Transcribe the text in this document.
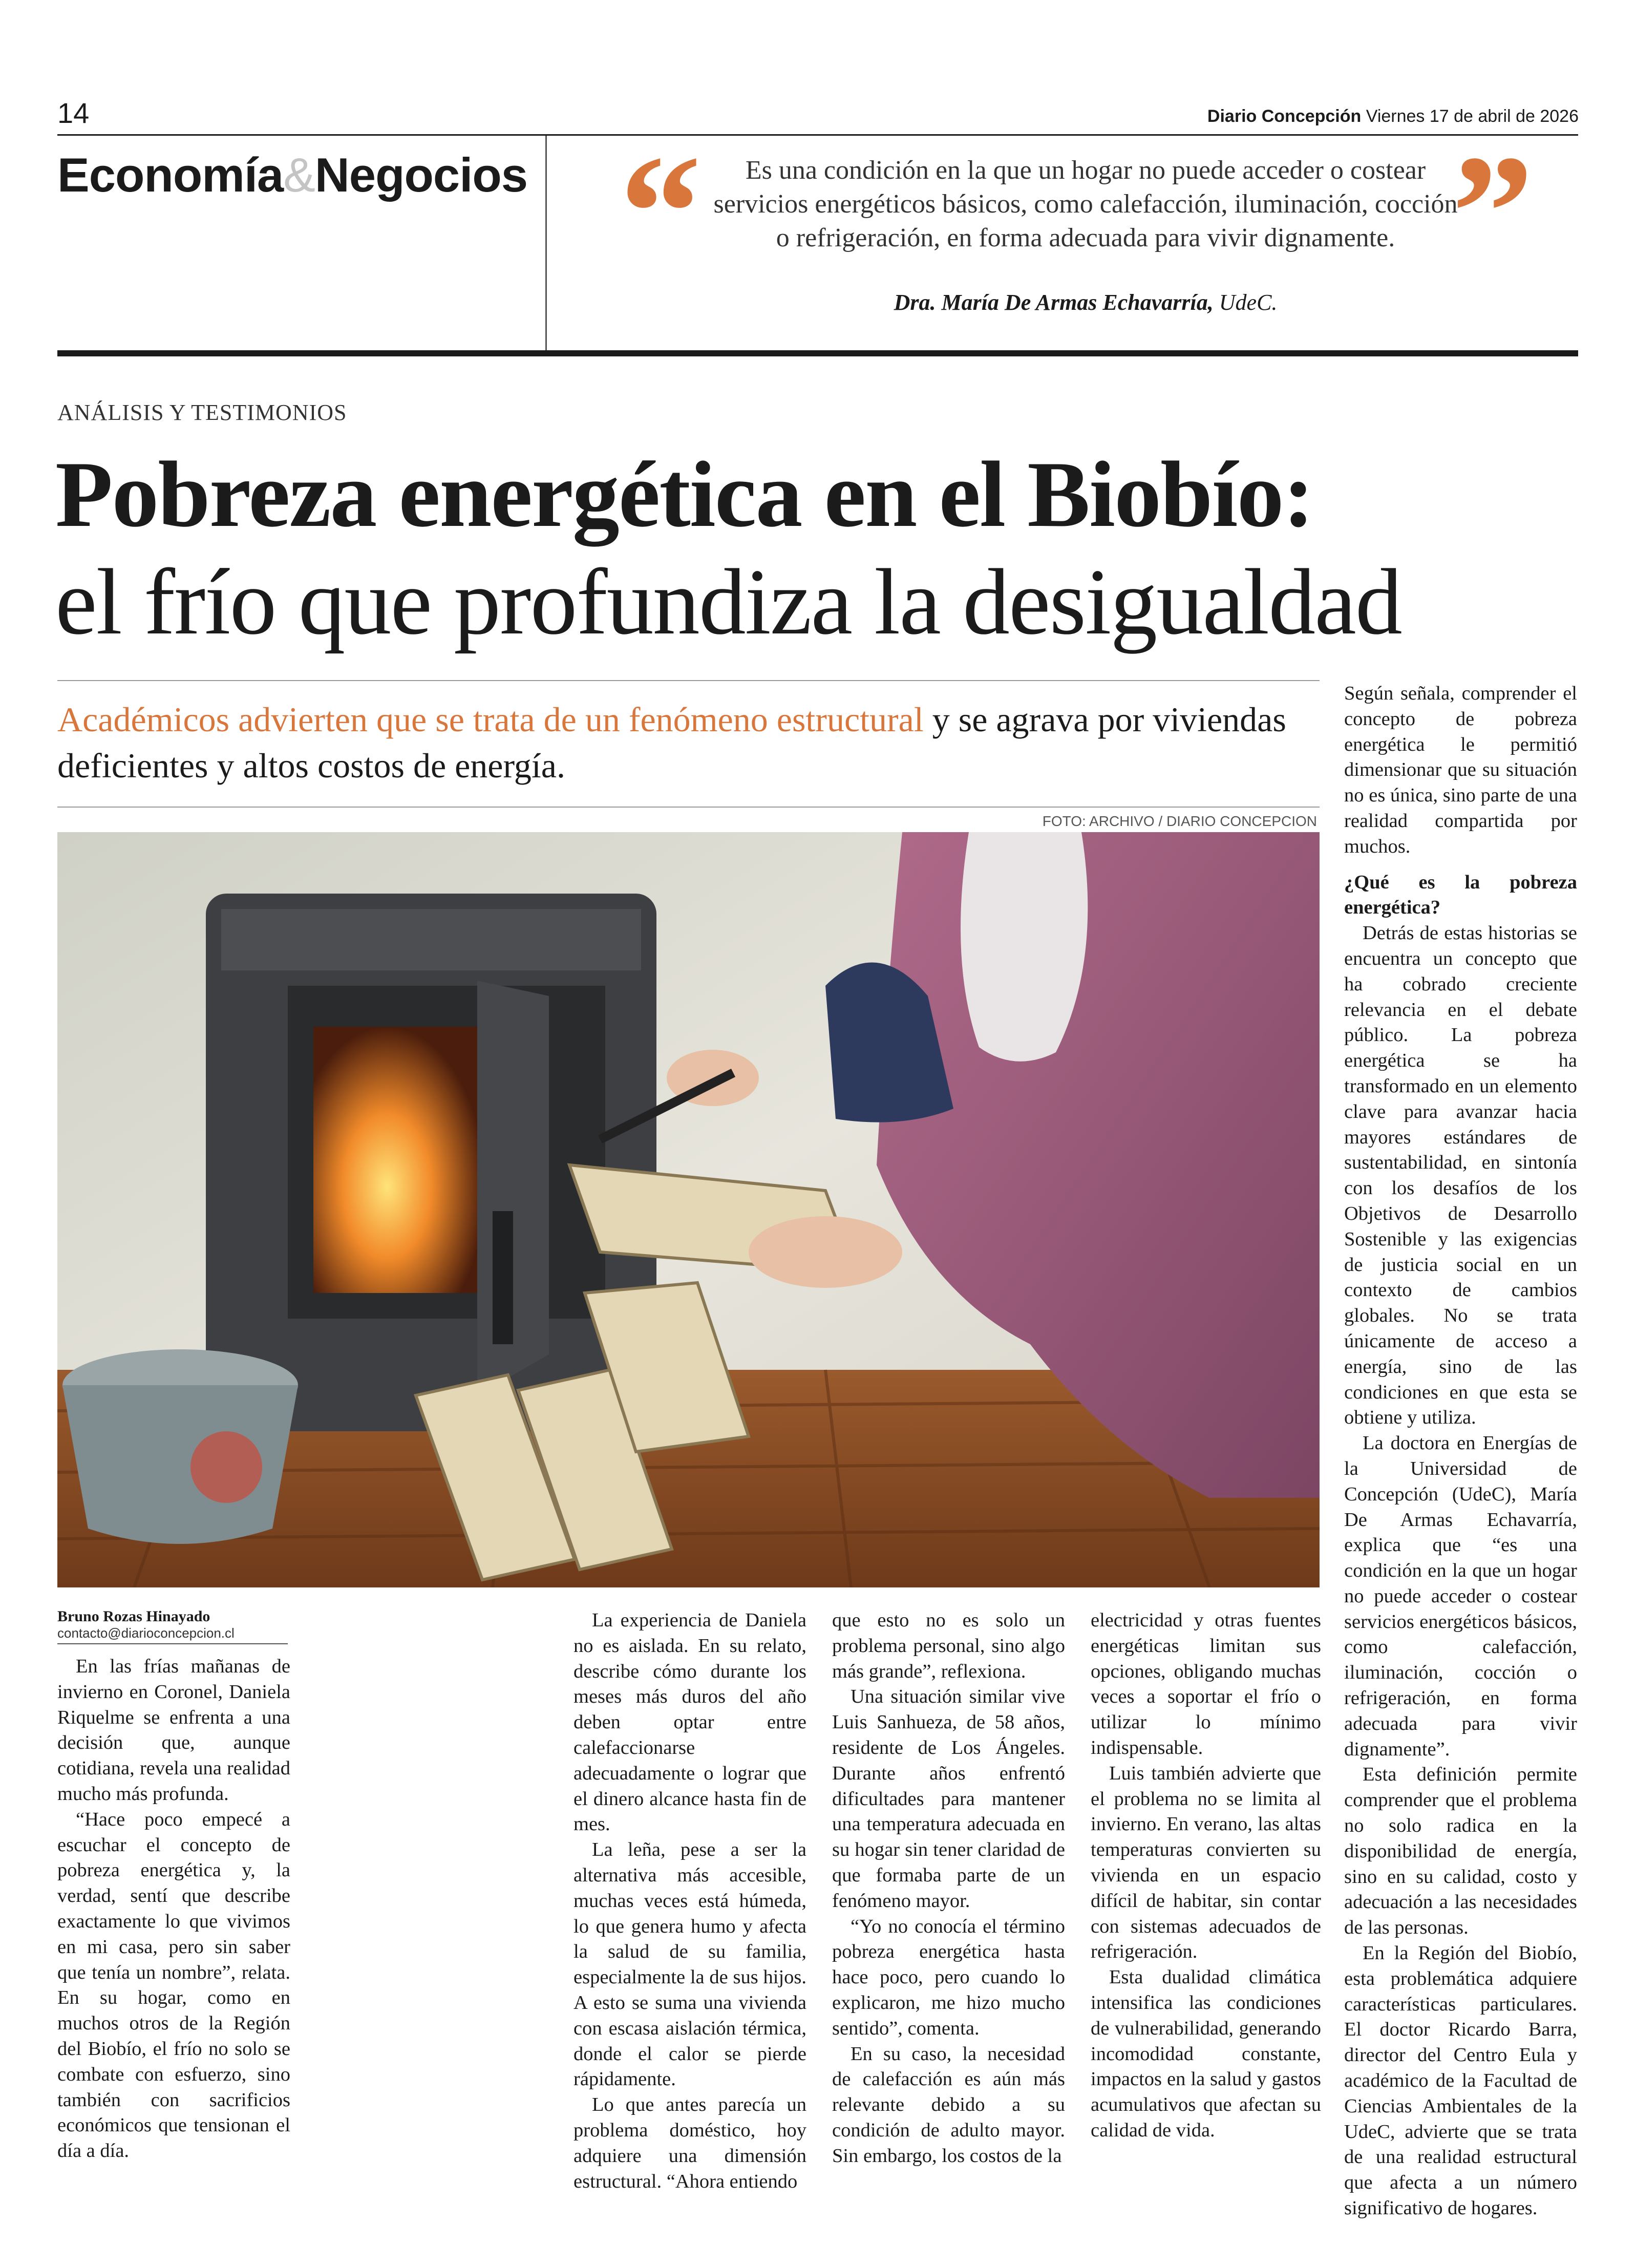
14	Diario Concepción Viernes 17 de abril de 2026
Economía&Negocios “	”
Es una condición en la que un hogar no puede acceder o costear servicios energéticos básicos, como calefacción, iluminación, cocción o refrigeración, en forma adecuada para vivir dignamente.
Dra. María De Armas Echavarría, UdeC.
ANÁLISIS Y TESTIMONIOS
Pobreza energética en el Biobío:
el frío que profundiza la desigualdad
Académicos advierten que se trata de un fenómeno estructural y se agrava por viviendas deficientes y altos costos de energía.
FOTO: ARCHIVO / DIARIO CONCEPCION
Bruno Rozas Hinayado
contacto@diarioconcepcion.cl

En las frías mañanas de invierno en Coronel, Daniela Riquelme se enfrenta a una decisión que, aunque cotidiana, revela una realidad mucho más profunda.

“Hace poco empecé a escuchar el concepto de pobreza energética y, la verdad, sentí que describe exactamente lo que vivimos en mi casa, pero sin saber que tenía un nombre”, relata. En su hogar, como en muchos otros de la Región del Biobío, el frío no solo se combate con esfuerzo, sino también con sacrificios económicos que tensionan el día a día.

La experiencia de Daniela no es aislada. En su relato, describe cómo durante los meses más duros del año deben optar entre calefaccionarse adecuadamente o lograr que el dinero alcance hasta fin de mes.

La leña, pese a ser la alternativa más accesible, muchas veces está húmeda, lo que genera humo y afecta la salud de su familia, especialmente la de sus hijos. A esto se suma una vivienda con escasa aislación térmica, donde el calor se pierde rápidamente.

Lo que antes parecía un problema doméstico, hoy adquiere una dimensión estructural. “Ahora entiendo

que esto no es solo un problema personal, sino algo más grande”, reflexiona.

Una situación similar vive Luis Sanhueza, de 58 años, residente de Los Ángeles. Durante años enfrentó dificultades para mantener una temperatura adecuada en su hogar sin tener claridad de que formaba parte de un fenómeno mayor.

“Yo no conocía el término pobreza energética hasta hace poco, pero cuando lo explicaron, me hizo mucho sentido”, comenta.

En su caso, la necesidad de calefacción es aún más relevante debido a su condición de adulto mayor. Sin embargo, los costos de la

electricidad y otras fuentes energéticas limitan sus opciones, obligando muchas veces a soportar el frío o utilizar lo mínimo indispensable.

Luis también advierte que el problema no se limita al invierno. En verano, las altas temperaturas convierten su vivienda en un espacio difícil de habitar, sin contar con sistemas adecuados de refrigeración.

Esta dualidad climática intensifica las condiciones de vulnerabilidad, generando incomodidad constante, impactos en la salud y gastos acumulativos que afectan su calidad de vida.

Según señala, comprender el concepto de pobreza energética le permitió dimensionar que su situación no es única, sino parte de una realidad compartida por muchos.

¿Qué es la pobreza energética?

Detrás de estas historias se encuentra un concepto que ha cobrado creciente relevancia en el debate público. La pobreza energética se ha transformado en un elemento clave para avanzar hacia mayores estándares de sustentabilidad, en sintonía con los desafíos de los Objetivos de Desarrollo Sostenible y las exigencias de justicia social en un contexto de cambios globales. No se trata únicamente de acceso a energía, sino de las condiciones en que esta se obtiene y utiliza.

La doctora en Energías de la Universidad de Concepción (UdeC), María De Armas Echavarría, explica que “es una condición en la que un hogar no puede acceder o costear servicios energéticos básicos, como calefacción, iluminación, cocción o refrigeración, en forma adecuada para vivir dignamente”.

Esta definición permite comprender que el problema no solo radica en la disponibilidad de energía, sino en su calidad, costo y adecuación a las necesidades de las personas.

En la Región del Biobío, esta problemática adquiere características particulares. El doctor Ricardo Barra, director del Centro Eula y académico de la Facultad de Ciencias Ambientales de la UdeC, advierte que se trata de una realidad estructural que afecta a un número significativo de hogares.
